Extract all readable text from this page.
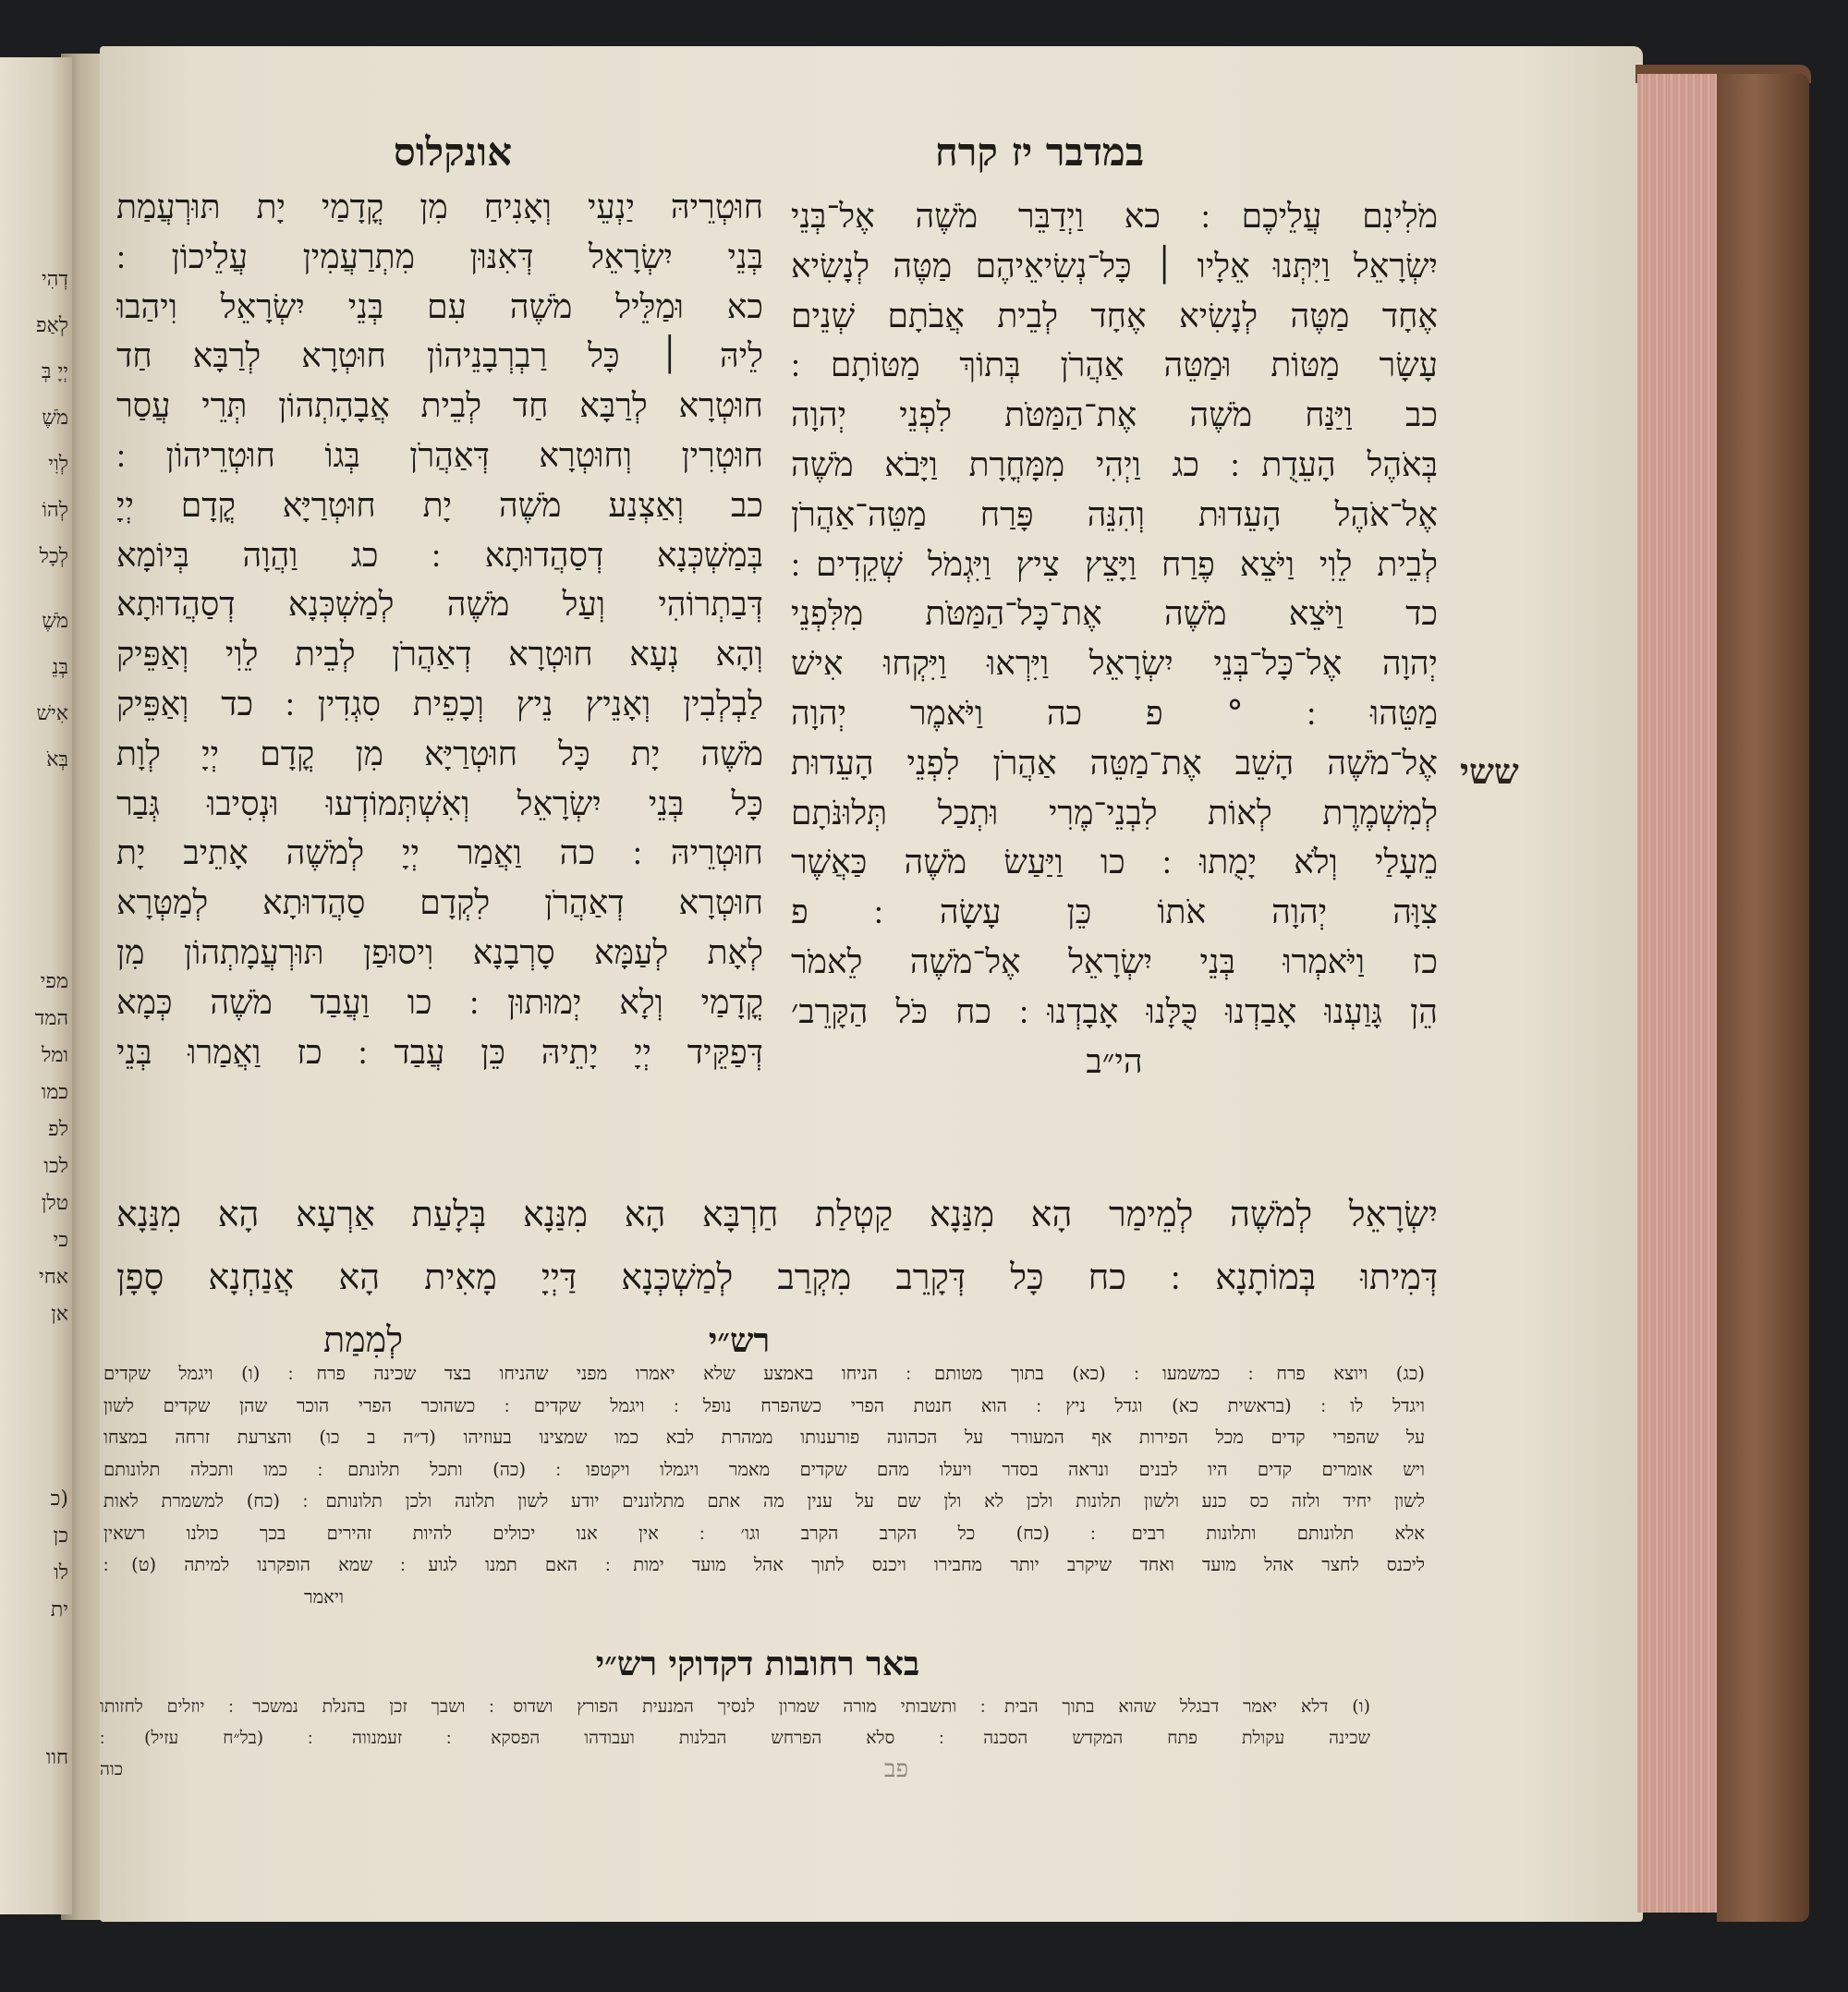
דְהִי
לְאַפ
יְיָ בְּ
מֹשֶׁ
לְוִי
לְהוֹ
לְכָל
מֹשֶׁ
בְּנֵ
אִישׁ
בְּאֹ
מפי
המד
ומל
כמו
לפ
לכו
טלן
כי
אחי
אן
(כ
כן
לו
ית
חוו
במדבר יז קרח
אונקלוס
מֹלִינִם עֲלֵיכֶם ׃ כא וַיְדַבֵּר מֹשֶׁה אֶל־בְּנֵי
יִשְׂרָאֵל וַיִּתְּנוּ אֵלָיו ׀ כָּל־נְשִׂיאֵיהֶם מַטֶּה לְנָשִׂיא
אֶחָד מַטֶּה לְנָשִׂיא אֶחָד לְבֵית אֲבֹתָם שְׁנֵים
עָשָׂר מַטּוֹת וּמַטֵּה אַהֲרֹן בְּתוֹךְ מַטּוֹתָם ׃
כב וַיַּנַּח מֹשֶׁה אֶת־הַמַּטֹּת לִפְנֵי יְהוָה
בְּאֹהֶל הָעֵדֻת ׃ כג וַיְהִי מִמָּחֳרָת וַיָּבֹא מֹשֶׁה
אֶל־אֹהֶל הָעֵדוּת וְהִנֵּה פָּרַח מַטֵּה־אַהֲרֹן
לְבֵית לֵוִי וַיֹּצֵא פֶרַח וַיָּצֵץ צִיץ וַיִּגְמֹל שְׁקֵדִים ׃
כד וַיֹּצֵא מֹשֶׁה אֶת־כָּל־הַמַּטֹּת מִלִּפְנֵי
יְהוָה אֶל־כָּל־בְּנֵי יִשְׂרָאֵל וַיִּרְאוּ וַיִּקְחוּ אִישׁ
מַטֵּהוּ ׃ ° פ כה וַיֹּאמֶר יְהוָה
אֶל־מֹשֶׁה הָשֵׁב אֶת־מַטֵּה אַהֲרֹן לִפְנֵי הָעֵדוּת
לְמִשְׁמֶרֶת לְאוֹת לִבְנֵי־מֶרִי וּתְכַל תְּלוּנֹּתָם
מֵעָלַי וְלֹא יָמֻתוּ ׃ כו וַיַּעַשׂ מֹשֶׁה כַּאֲשֶׁר
צִוָּה יְהוָה אֹתוֹ כֵּן עָשָׂה ׃ פ
כז וַיֹּאמְרוּ בְּנֵי יִשְׂרָאֵל אֶל־מֹשֶׁה לֵאמֹר
הֵן גָּוַעְנוּ אָבַדְנוּ כֻּלָּנוּ אָבָדְנוּ ׃ כח כֹּל הַקָּרֵב׳
הי״ב
חוּטְרֵיהּ יַנְעֵי וְאָנִיחַ מִן קֳדָמַי יָת תּוּרְעֲמַת
בְּנֵי יִשְׂרָאֵל דְּאִנּוּן מִתְרַעֲמִין עֲלֵיכוֹן ׃
כא וּמַלֵּיל מֹשֶׁה עִם בְּנֵי יִשְׂרָאֵל וִיהַבוּ
לֵיהּ ׀ כָּל רַבְרְבָנֵיהוֹן חוּטְרָא לְרַבָּא חַד
חוּטְרָא לְרַבָּא חַד לְבֵית אֲבָהָתְהוֹן תְּרֵי עֲסַר
חוּטְרִין וְחוּטְרָא דְּאַהֲרֹן בְּגוֹ חוּטְרֵיהוֹן ׃
כב וְאַצְנַע מֹשֶׁה יָת חוּטְרַיָּא קֳדָם יְיָ
בְּמַשְׁכְּנָא דְסַהֲדוּתָא ׃ כג וַהֲוָה בְּיוֹמָא
דְּבַתְרוֹהִי וְעַל מֹשֶׁה לְמַשְׁכְּנָא דְסַהֲדוּתָא
וְהָא נְעָא חוּטְרָא דְאַהֲרֹן לְבֵית לֵוִי וְאַפֵּיק
לַבְלְבִין וְאָנֵיץ נֵיץ וְכָפֵית סִגְדִין ׃ כד וְאַפֵּיק
מֹשֶׁה יָת כָּל חוּטְרַיָּא מִן קֳדָם יְיָ לְוָת
כָּל בְּנֵי יִשְׂרָאֵל וְאִשְׁתְּמוֹדְעוּ וּנְסִיבוּ גְּבַר
חוּטְרֵיהּ ׃ כה וַאֲמַר יְיָ לְמֹשֶׁה אָתֵיב יָת
חוּטְרָא דְאַהֲרֹן לִקְדָם סַהֲדוּתָא לְמַטְּרָא
לְאָת לְעַמָּא סָרְבָנָא וִיסוּפַן תּוּרְעֲמָתְהוֹן מִן
קֳדָמַי וְלָא יְמוּתוּן ׃ כו וַעֲבַד מֹשֶׁה כְּמָא
דְּפַקֵּיד יְיָ יָתֵיהּ כֵּן עֲבַד ׃ כז וַאֲמַרוּ בְּנֵי
ששי
יִשְׂרָאֵל לְמֹשֶׁה לְמֵימַר הָא מִנַּנָא קַטְלַת חַרְבָּא הָא מִנַּנָא בְּלָעַת אַרְעָא הָא מִנַּנָא
דְּמִיתוּ בְּמוֹתָנָא ׃ כח כָּל דְּקָרֵב מִקְרַב לְמַשְׁכְּנָא דַּיְיָ מָאִית הָא אֲנַחְנָא סָפָן
לְמִמַת	רש״י
(כג) ויוצא פרח ׃ כמשמעו ׃ (כא) בתוך מטותם ׃ הניחו באמצע שלא יאמרו מפני שהניחו בצד שכינה פרח ׃ (ו) ויגמל שקדים
ויגדל לו ׃ (בראשית כא) וגדל ניץ ׃ הוא חנטת הפרי כשהפרח נופל ׃ ויגמל שקדים ׃ כשהוכר הפרי הוכר שהן שקדים לשון
על שהפרי קדים מכל הפירות אף המעורר על הכהונה פורענותו ממהרת לבא כמו שמצינו בעוזיהו (ד״ה ב כו) והצרעת זרחה במצחו
ויש אומרים קדים היו לבנים ונראה בסדר ויעלו מהם שקדים מאמר ויגמלו ויקטפו ׃ (כה) ותכל תלונתם ׃ כמו ותכלה תלונותם
לשון יחיד ולזה כס כנע ולשון תלונות ולכן לא ולן שם על ענין מה אתם מתלוננים יודע לשון תלונה ולכן תלונותם ׃ (כח) למשמרת לאות
אלא תלונותם ותלונות רבים ׃ (כח) כל הקרב הקרב וגו׳ ׃ אין אנו יכולים להיות זהירים בכך כולנו רשאין
ליכנס לחצר אהל מועד ואחד שיקרב יותר מחבירו ויכנס לתוך אהל מועד ימות ׃ האם תמנו לגוע ׃ שמא הופקרנו למיתה (ט) ׃
ויאמר
באר רחובות דקדוקי רש״י
(ו) דלא יאמר דבגלל שהוא בתוך הבית ׃ ותשבותי מורה שמרון לנסיך המנעית הפורץ ושדוס ׃ ושבך זכן בהנלת נמשכר ׃ יוזלים לחזותו
שכינה עקולת פתח המקדש הסכנה ׃ סלא הפרחש הבלנות ועבודהו הפסקא ׃ זעמנווה ׃ (בל״ח עזיל) ׃
כוה	פב
